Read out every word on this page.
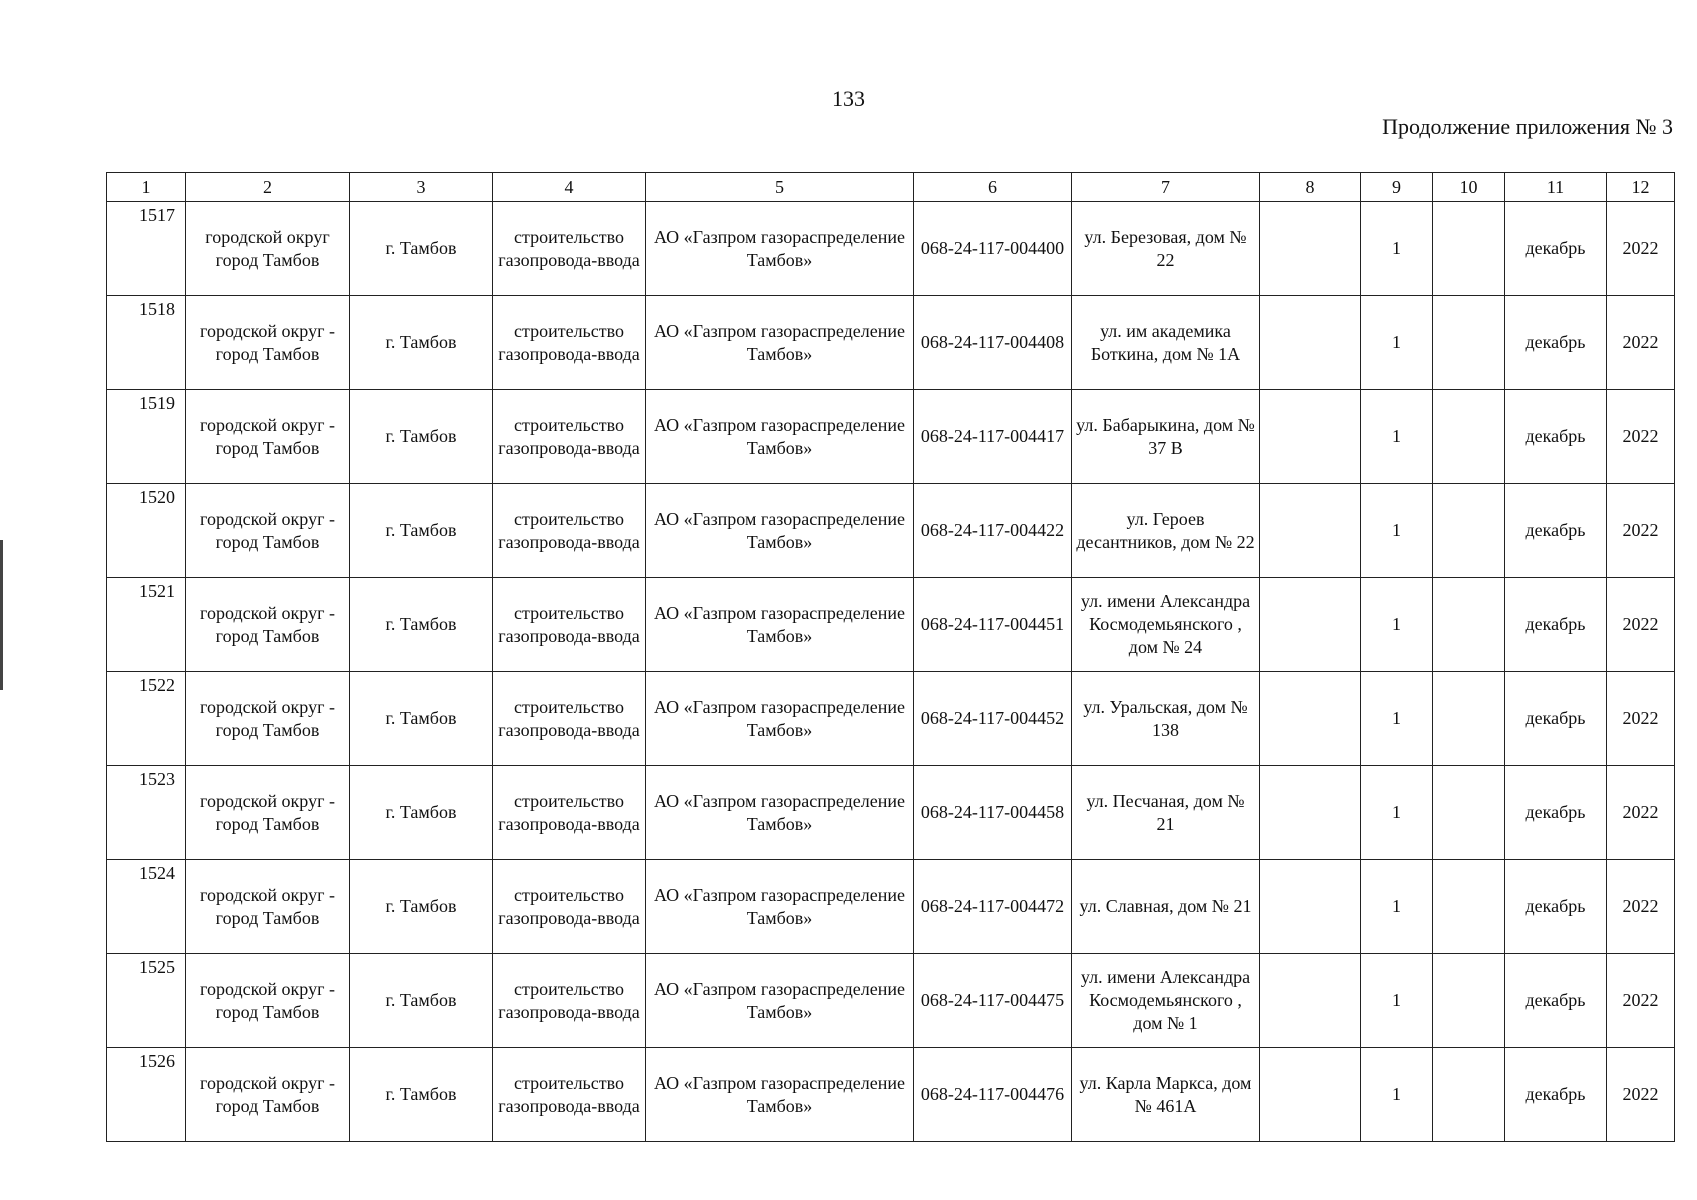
133
Продолжение приложения № 3
1	2	3	4	5	6	7	8	9	10	11	12
1517	городской округ город Тамбов	г. Тамбов	строительство газопровода-ввода	АО «Газпром газораспределение Тамбов»	068-24-117-004400	ул. Березовая, дом № 22		1		декабрь	2022
1518	городской округ - город Тамбов	г. Тамбов	строительство газопровода-ввода	АО «Газпром газораспределение Тамбов»	068-24-117-004408	ул. им академика Боткина, дом № 1А		1		декабрь	2022
1519	городской округ - город Тамбов	г. Тамбов	строительство газопровода-ввода	АО «Газпром газораспределение Тамбов»	068-24-117-004417	ул. Бабарыкина, дом № 37 В		1		декабрь	2022
1520	городской округ - город Тамбов	г. Тамбов	строительство газопровода-ввода	АО «Газпром газораспределение Тамбов»	068-24-117-004422	ул. Героев десантников, дом № 22		1		декабрь	2022
1521	городской округ - город Тамбов	г. Тамбов	строительство газопровода-ввода	АО «Газпром газораспределение Тамбов»	068-24-117-004451	ул. имени Александра Космодемьянского , дом № 24		1		декабрь	2022
1522	городской округ - город Тамбов	г. Тамбов	строительство газопровода-ввода	АО «Газпром газораспределение Тамбов»	068-24-117-004452	ул. Уральская, дом № 138		1		декабрь	2022
1523	городской округ - город Тамбов	г. Тамбов	строительство газопровода-ввода	АО «Газпром газораспределение Тамбов»	068-24-117-004458	ул. Песчаная, дом № 21		1		декабрь	2022
1524	городской округ - город Тамбов	г. Тамбов	строительство газопровода-ввода	АО «Газпром газораспределение Тамбов»	068-24-117-004472	ул. Славная, дом № 21		1		декабрь	2022
1525	городской округ - город Тамбов	г. Тамбов	строительство газопровода-ввода	АО «Газпром газораспределение Тамбов»	068-24-117-004475	ул. имени Александра Космодемьянского , дом № 1		1		декабрь	2022
1526	городской округ - город Тамбов	г. Тамбов	строительство газопровода-ввода	АО «Газпром газораспределение Тамбов»	068-24-117-004476	ул. Карла Маркса, дом № 461А		1		декабрь	2022
